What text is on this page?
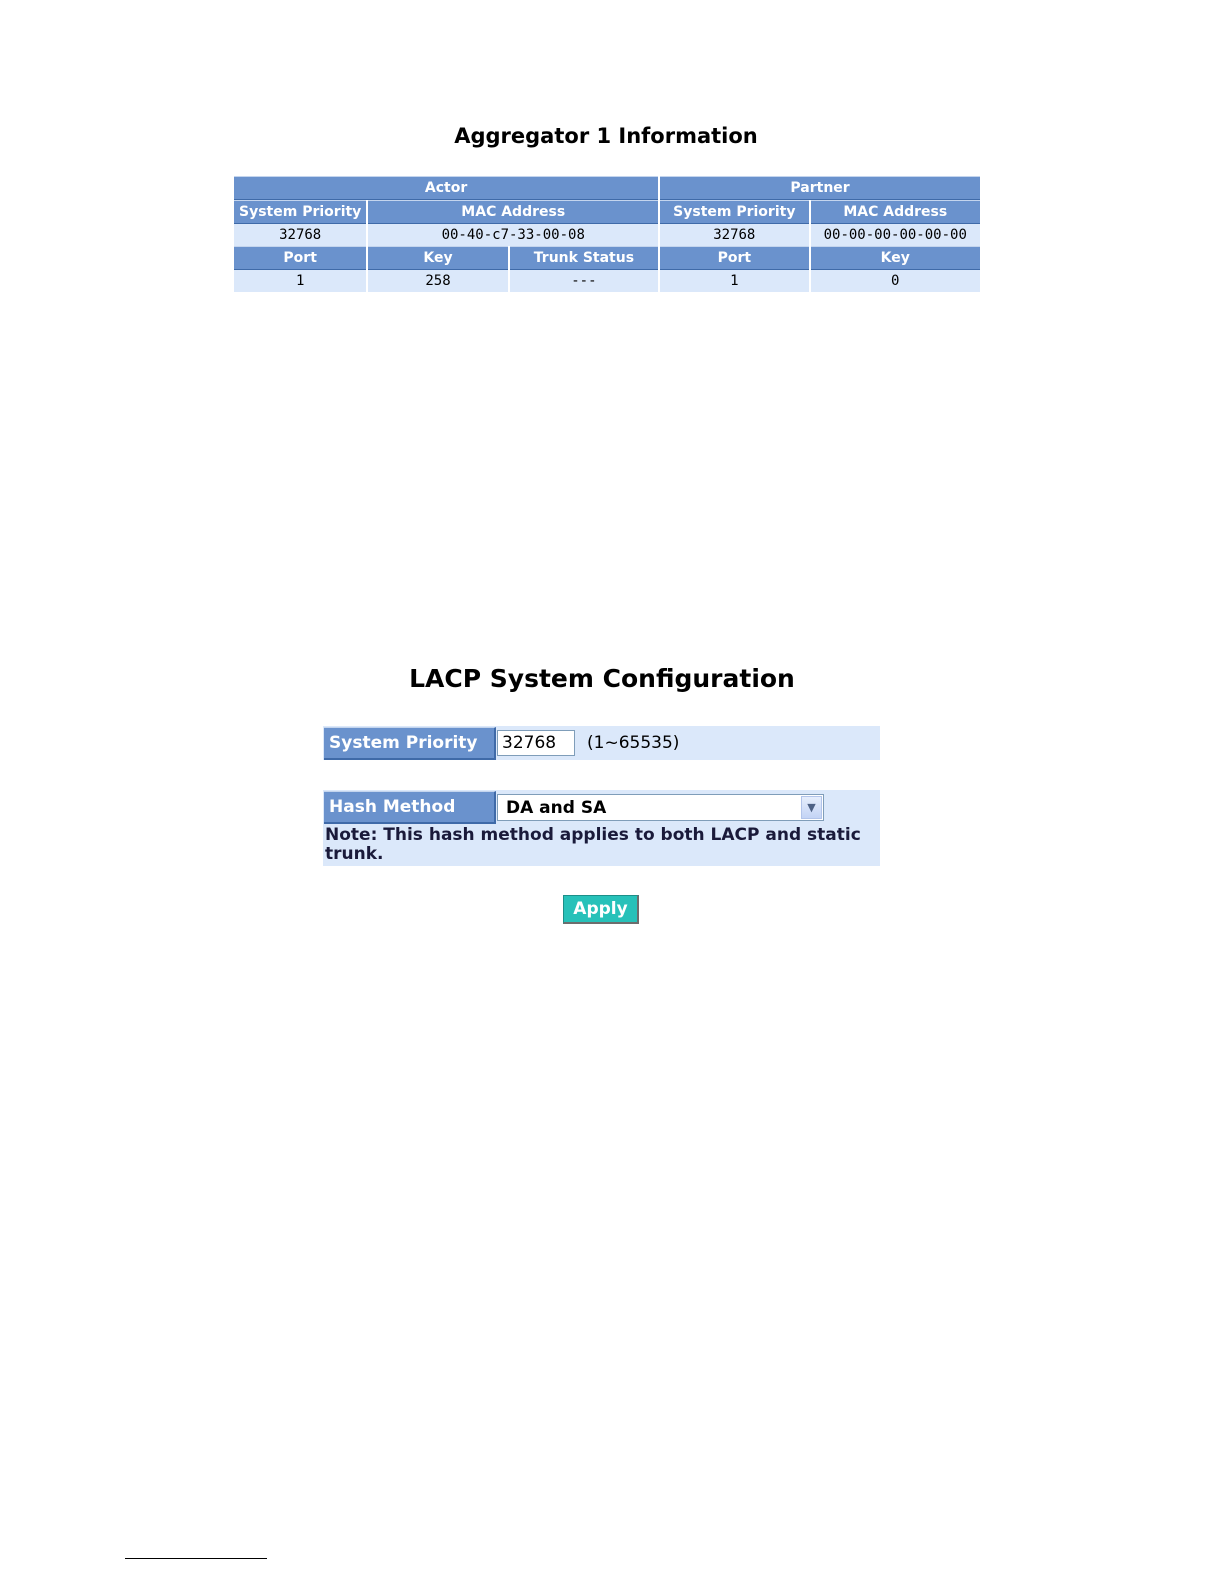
Aggregator 1 Information
Actor			Partner	
System Priority	MAC Address		System Priority	MAC Address
32768	00-40-c7-33-00-08		32768	00-00-00-00-00-00
Port	Key	Trunk Status	Port	Key
1	258	---	1	0
LACP System Configuration
System Priority
32768	(1~65535)
Hash Method	DA and SA	▼
Note: This hash method applies to both LACP and static trunk.
Apply
